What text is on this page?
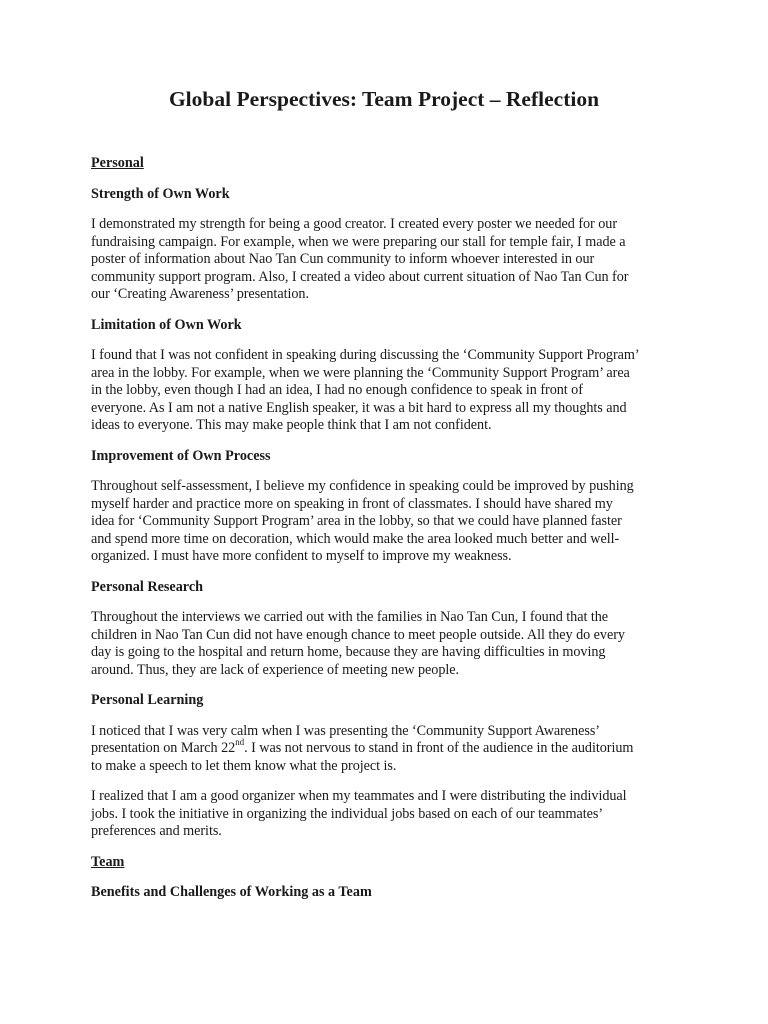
Global Perspectives: Team Project – Reflection
Personal
Strength of Own Work

I demonstrated my strength for being a good creator. I created every poster we needed for our
fundraising campaign. For example, when we were preparing our stall for temple fair, I made a
poster of information about Nao Tan Cun community to inform whoever interested in our
community support program. Also, I created a video about current situation of Nao Tan Cun for
our ‘Creating Awareness’ presentation.

Limitation of Own Work

I found that I was not confident in speaking during discussing the ‘Community Support Program’
area in the lobby. For example, when we were planning the ‘Community Support Program’ area
in the lobby, even though I had an idea, I had no enough confidence to speak in front of
everyone. As I am not a native English speaker, it was a bit hard to express all my thoughts and
ideas to everyone. This may make people think that I am not confident.

Improvement of Own Process

Throughout self-assessment, I believe my confidence in speaking could be improved by pushing
myself harder and practice more on speaking in front of classmates. I should have shared my
idea for ‘Community Support Program’ area in the lobby, so that we could have planned faster
and spend more time on decoration, which would make the area looked much better and well-
organized. I must have more confident to myself to improve my weakness.

Personal Research

Throughout the interviews we carried out with the families in Nao Tan Cun, I found that the
children in Nao Tan Cun did not have enough chance to meet people outside. All they do every
day is going to the hospital and return home, because they are having difficulties in moving
around. Thus, they are lack of experience of meeting new people.

Personal Learning

I noticed that I was very calm when I was presenting the ‘Community Support Awareness’
presentation on March 22nd. I was not nervous to stand in front of the audience in the auditorium
to make a speech to let them know what the project is.

I realized that I am a good organizer when my teammates and I were distributing the individual
jobs. I took the initiative in organizing the individual jobs based on each of our teammates’
preferences and merits.

Team
Benefits and Challenges of Working as a Team
